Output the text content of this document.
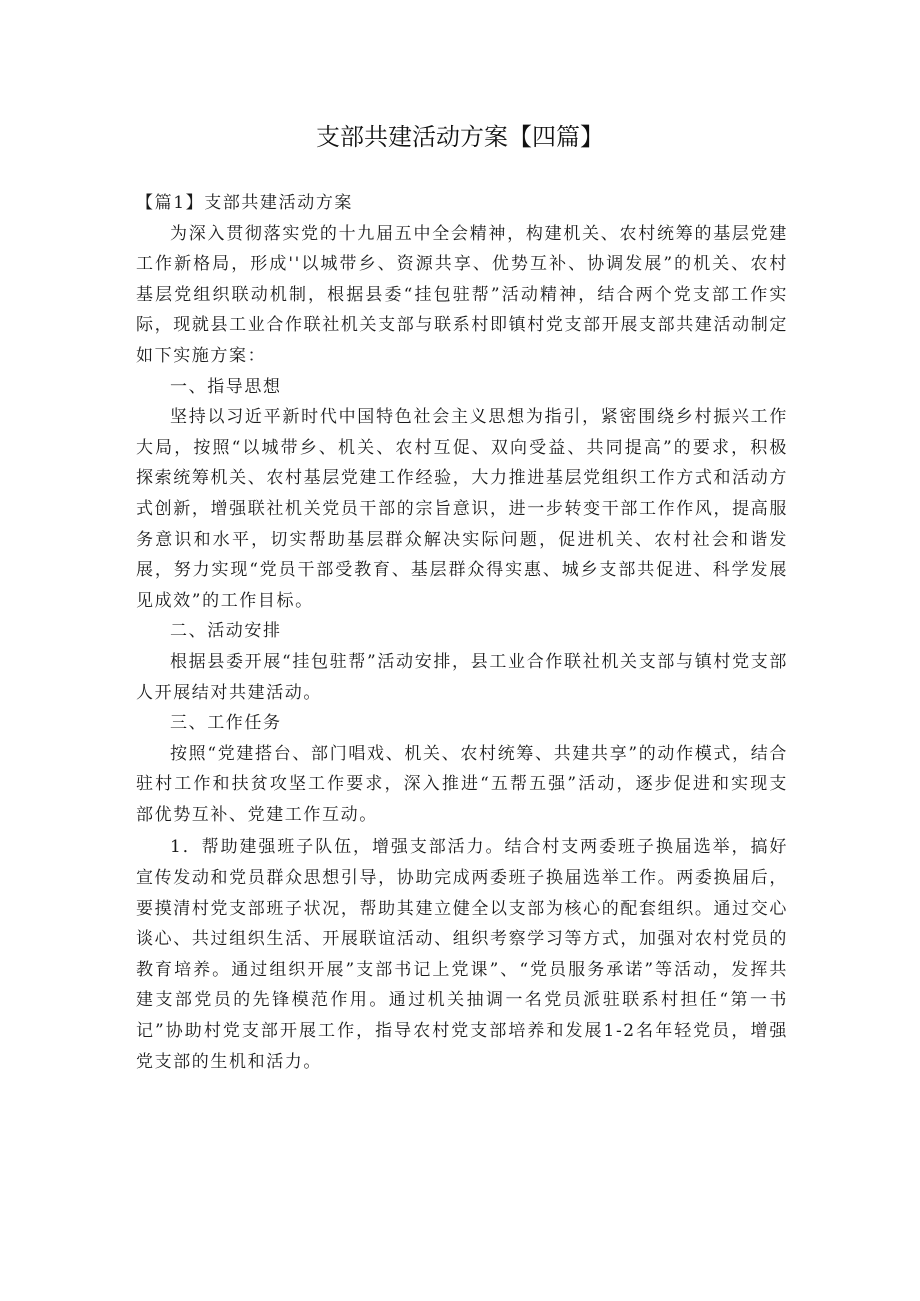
支部共建活动方案【四篇】

【篇1】支部共建活动方案

为深入贯彻落实党的十九届五中全会精神，构建机关、农村统筹的基层党建工作新格局，形成''以城带乡、资源共享、优势互补、协调发展”的机关、农村基层党组织联动机制，根据县委“挂包驻帮”活动精神，结合两个党支部工作实际，现就县工业合作联社机关支部与联系村即镇村党支部开展支部共建活动制定如下实施方案：

一、指导思想

坚持以习近平新时代中国特色社会主义思想为指引，紧密围绕乡村振兴工作大局，按照“以城带乡、机关、农村互促、双向受益、共同提高”的要求，积极探索统筹机关、农村基层党建工作经验，大力推进基层党组织工作方式和活动方式创新，增强联社机关党员干部的宗旨意识，进一步转变干部工作作风，提高服务意识和水平，切实帮助基层群众解决实际问题，促进机关、农村社会和谐发展，努力实现“党员干部受教育、基层群众得实惠、城乡支部共促进、科学发展见成效”的工作目标。

二、活动安排

根据县委开展“挂包驻帮”活动安排，县工业合作联社机关支部与镇村党支部人开展结对共建活动。

三、工作任务

按照“党建搭台、部门唱戏、机关、农村统筹、共建共享”的动作模式，结合驻村工作和扶贫攻坚工作要求，深入推进“五帮五强”活动，逐步促进和实现支部优势互补、党建工作互动。

1．帮助建强班子队伍，增强支部活力。结合村支两委班子换届选举，搞好宣传发动和党员群众思想引导，协助完成两委班子换届选举工作。两委换届后，要摸清村党支部班子状况，帮助其建立健全以支部为核心的配套组织。通过交心谈心、共过组织生活、开展联谊活动、组织考察学习等方式，加强对农村党员的教育培养。通过组织开展”支部书记上党课”、“党员服务承诺”等活动，发挥共建支部党员的先锋模范作用。通过机关抽调一名党员派驻联系村担任“第一书记”协助村党支部开展工作，指导农村党支部培养和发展1-2名年轻党员，增强党支部的生机和活力。
